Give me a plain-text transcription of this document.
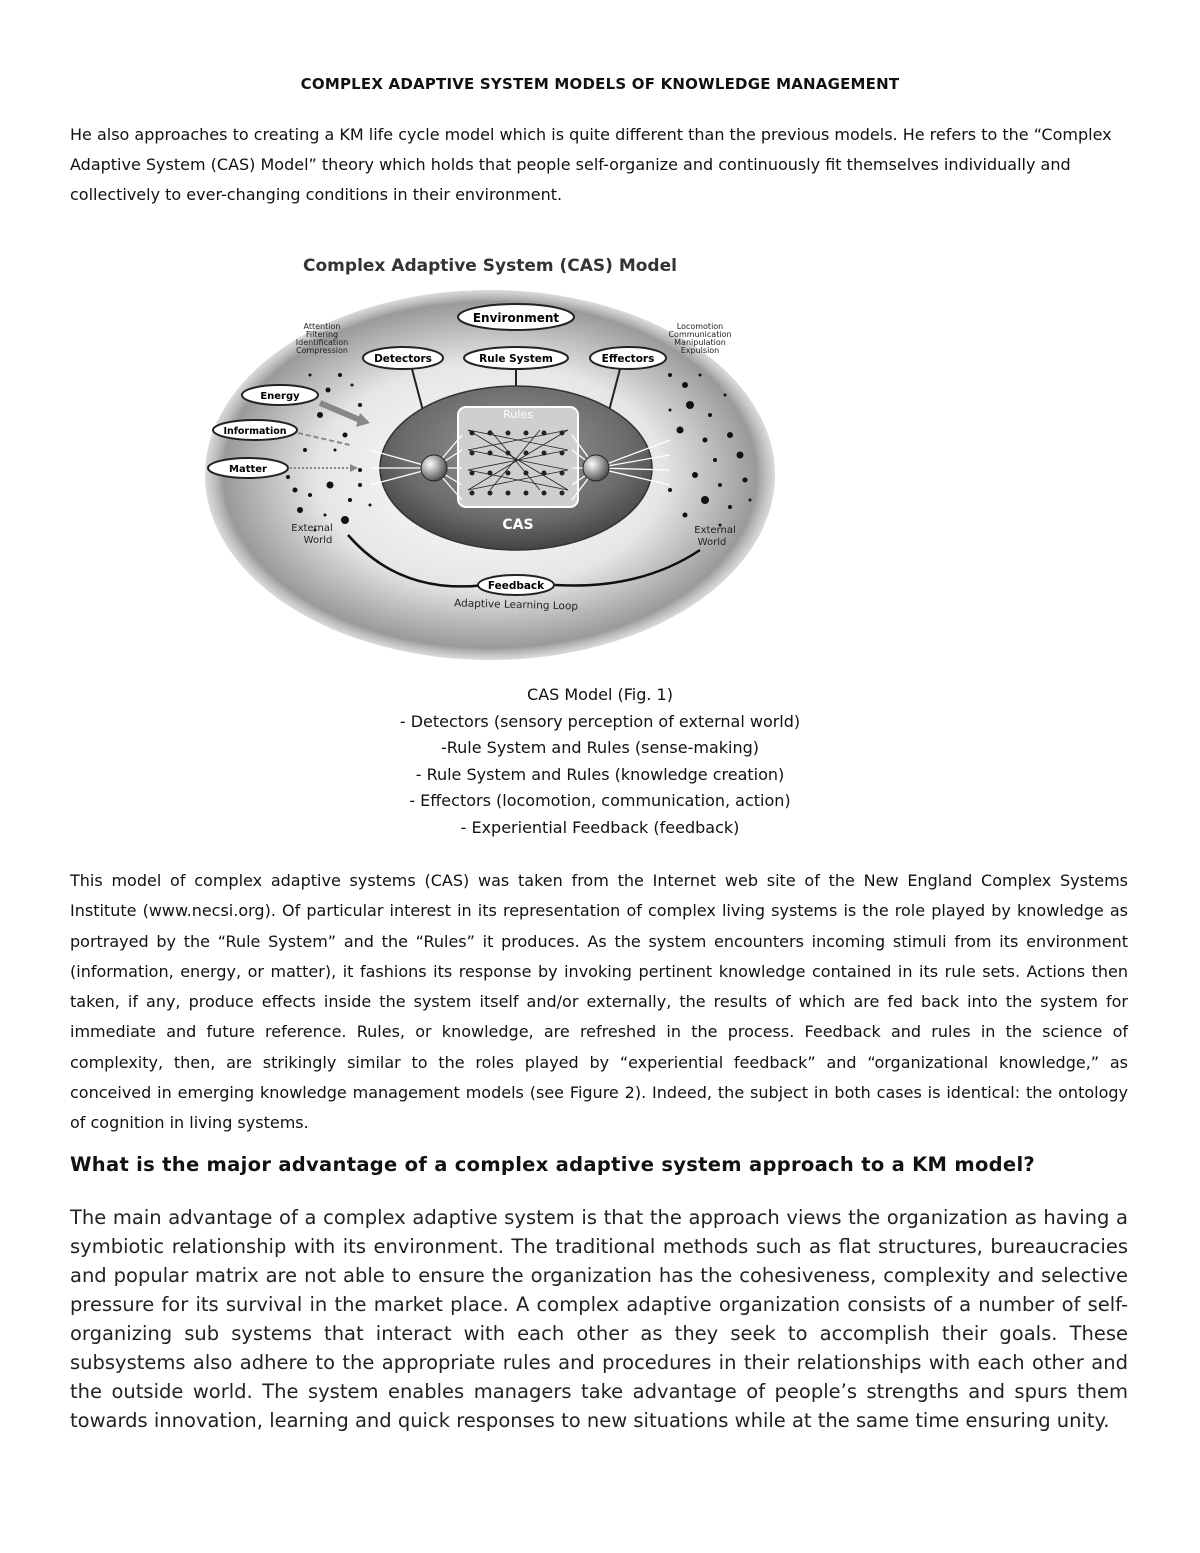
COMPLEX ADAPTIVE SYSTEM MODELS OF KNOWLEDGE MANAGEMENT
He also approaches to creating a KM life cycle model which is quite different than the previous models. He refers to the “Complex Adaptive System (CAS) Model” theory which holds that people self-organize and continuously fit themselves individually and collectively to ever-changing conditions in their environment.
Complex Adaptive System (CAS) Model
Attention
Filtering
Identification
Compression
Locomotion
Communication
Manipulation
Expulsion
Environment
Detectors	Rule System	Effectors
Rules
CAS
Energy
Information
Matter
External
World
External
World
Feedback
Adaptive Learning Loop
CAS Model (Fig. 1)
- Detectors (sensory perception of external world)
-Rule System and Rules (sense-making)
- Rule System and Rules (knowledge creation)
- Effectors (locomotion, communication, action)
- Experiential Feedback (feedback)
This model of complex adaptive systems (CAS) was taken from the Internet web site of the New England Complex Systems Institute (www.necsi.org). Of particular interest in its representation of complex living systems is the role played by knowledge as portrayed by the “Rule System” and the “Rules” it produces. As the system encounters incoming stimuli from its environment (information, energy, or matter), it fashions its response by invoking pertinent knowledge contained in its rule sets. Actions then taken, if any, produce effects inside the system itself and/or externally, the results of which are fed back into the system for immediate and future reference. Rules, or knowledge, are refreshed in the process. Feedback and rules in the science of complexity, then, are strikingly similar to the roles played by “experiential feedback” and “organizational knowledge,” as conceived in emerging knowledge management models (see Figure 2). Indeed, the subject in both cases is identical: the ontology of cognition in living systems.
What is the major advantage of a complex adaptive system approach to a KM model?
The main advantage of a complex adaptive system is that the approach views the organization as having a symbiotic relationship with its environment. The traditional methods such as flat structures, bureaucracies and popular matrix are not able to ensure the organization has the cohesiveness, complexity and selective pressure for its survival in the market place. A complex adaptive organization consists of a number of self-organizing sub systems that interact with each other as they seek to accomplish their goals. These subsystems also adhere to the appropriate rules and procedures in their relationships with each other and the outside world. The system enables managers take advantage of people’s strengths and spurs them towards innovation, learning and quick responses to new situations while at the same time ensuring unity.
